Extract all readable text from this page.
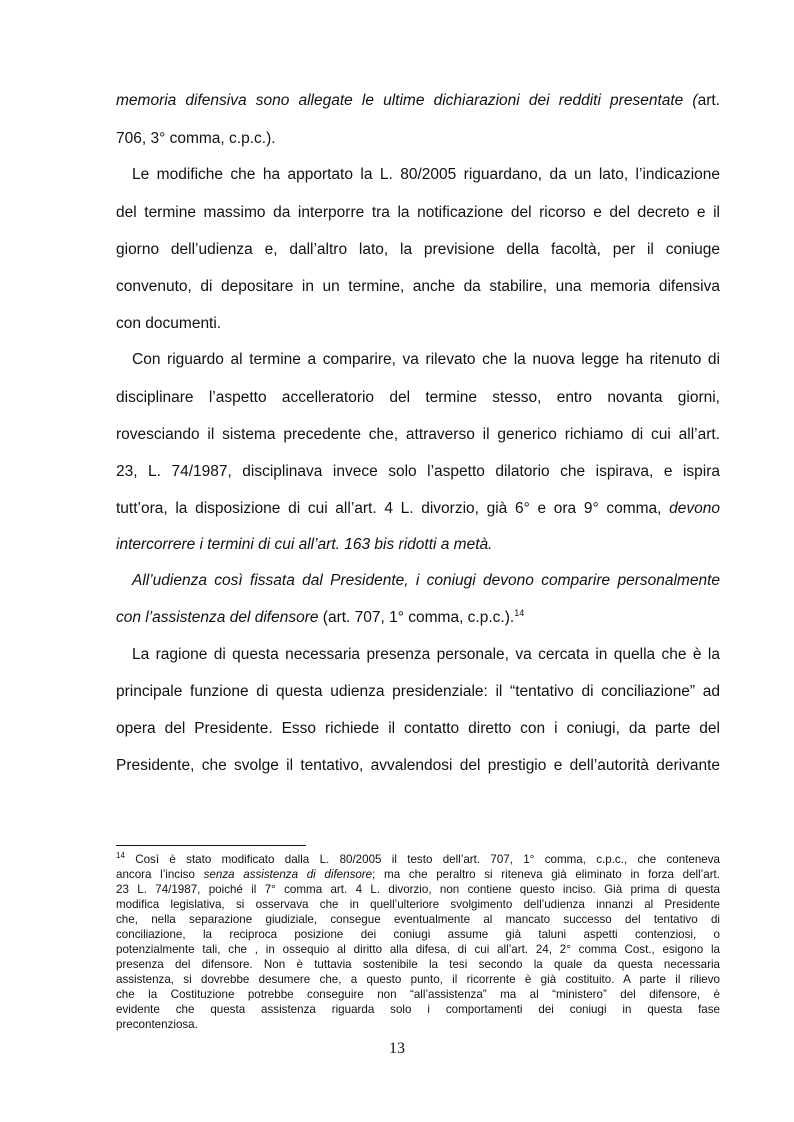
memoria difensiva sono allegate le ultime dichiarazioni dei redditi presentate (art.
706, 3° comma, c.p.c.).
Le modifiche che ha apportato la L. 80/2005 riguardano, da un lato, l’indicazione
del termine massimo da interporre tra la notificazione del ricorso e del decreto e il
giorno dell’udienza e, dall’altro lato, la previsione della facoltà, per il coniuge
convenuto, di depositare in un termine, anche da stabilire, una memoria difensiva
con documenti.
Con riguardo al termine a comparire, va rilevato che la nuova legge ha ritenuto di
disciplinare l’aspetto accelleratorio del termine stesso, entro novanta giorni,
rovesciando il sistema precedente che, attraverso il generico richiamo di cui all’art.
23, L. 74/1987, disciplinava invece solo l’aspetto dilatorio che ispirava, e ispira
tutt’ora, la disposizione di cui all’art. 4 L. divorzio, già 6° e ora 9° comma, devono
intercorrere i termini di cui all’art. 163 bis ridotti a metà.
All’udienza così fissata dal Presidente, i coniugi devono comparire personalmente
con l’assistenza del difensore (art. 707, 1° comma, c.p.c.).$^{14}$
La ragione di questa necessaria presenza personale, va cercata in quella che è la
principale funzione di questa udienza presidenziale: il “tentativo di conciliazione” ad
opera del Presidente. Esso richiede il contatto diretto con i coniugi, da parte del
Presidente, che svolge il tentativo, avvalendosi del prestigio e dell’autorità derivante
$^{14}$ Così è stato modificato dalla L. 80/2005 il testo dell’art. 707, 1° comma, c.p.c., che conteneva
ancora l’inciso senza assistenza di difensore; ma che peraltro si riteneva già eliminato in forza dell’art.
23 L. 74/1987, poiché il 7° comma art. 4 L. divorzio, non contiene questo inciso. Già prima di questa
modifica legislativa, si osservava che in quell’ulteriore svolgimento dell’udienza innanzi al Presidente
che, nella separazione giudiziale, consegue eventualmente al mancato successo del tentativo di
conciliazione, la reciproca posizione dei coniugi assume già taluni aspetti contenziosi, o
potenzialmente tali, che , in ossequio al diritto alla difesa, di cui all’art. 24, 2° comma Cost., esigono la
presenza del difensore. Non è tuttavia sostenibile la tesi secondo la quale da questa necessaria
assistenza, si dovrebbe desumere che, a questo punto, il ricorrente è già costituito. A parte il rilievo
che la Costituzione potrebbe conseguire non “all’assistenza” ma al “ministero” del difensore, è
evidente che questa assistenza riguarda solo i comportamenti dei coniugi in questa fase
precontenziosa.
13
